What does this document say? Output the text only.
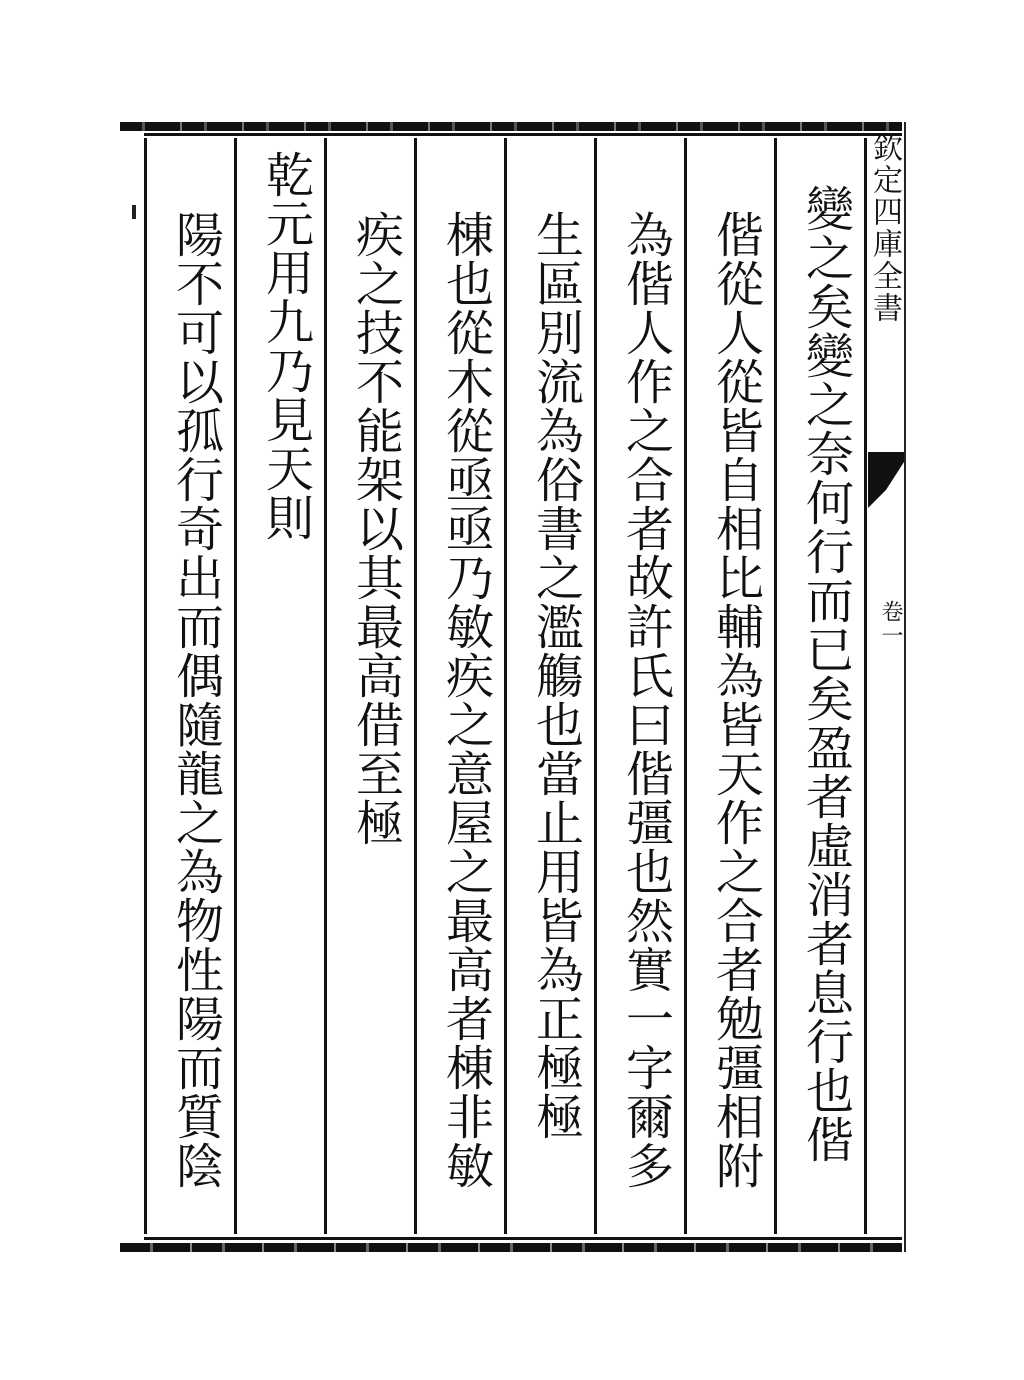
變
之
矣
變
之
奈
何
行
而
已
矣
盈
者
虛
消
者
息
行
也
偕
偕
從
人
從
皆
自
相
比
輔
為
皆
天
作
之
合
者
勉
彊
相
附
為
偕
人
作
之
合
者
故
許
氏
曰
偕
彊
也
然
實
一
字
爾
多
生
區
別
流
為
俗
書
之
濫
觴
也
當
止
用
皆
為
正
極
極
棟
也
從
木
從
亟
亟
乃
敏
疾
之
意
屋
之
最
高
者
棟
非
敏
疾
之
技
不
能
架
以
其
最
高
借
至
極
乾
元
用
九
乃
見
天
則
陽
不
可
以
孤
行
奇
出
而
偶
隨
龍
之
為
物
性
陽
而
質
陰
欽定四庫全書
卷一
